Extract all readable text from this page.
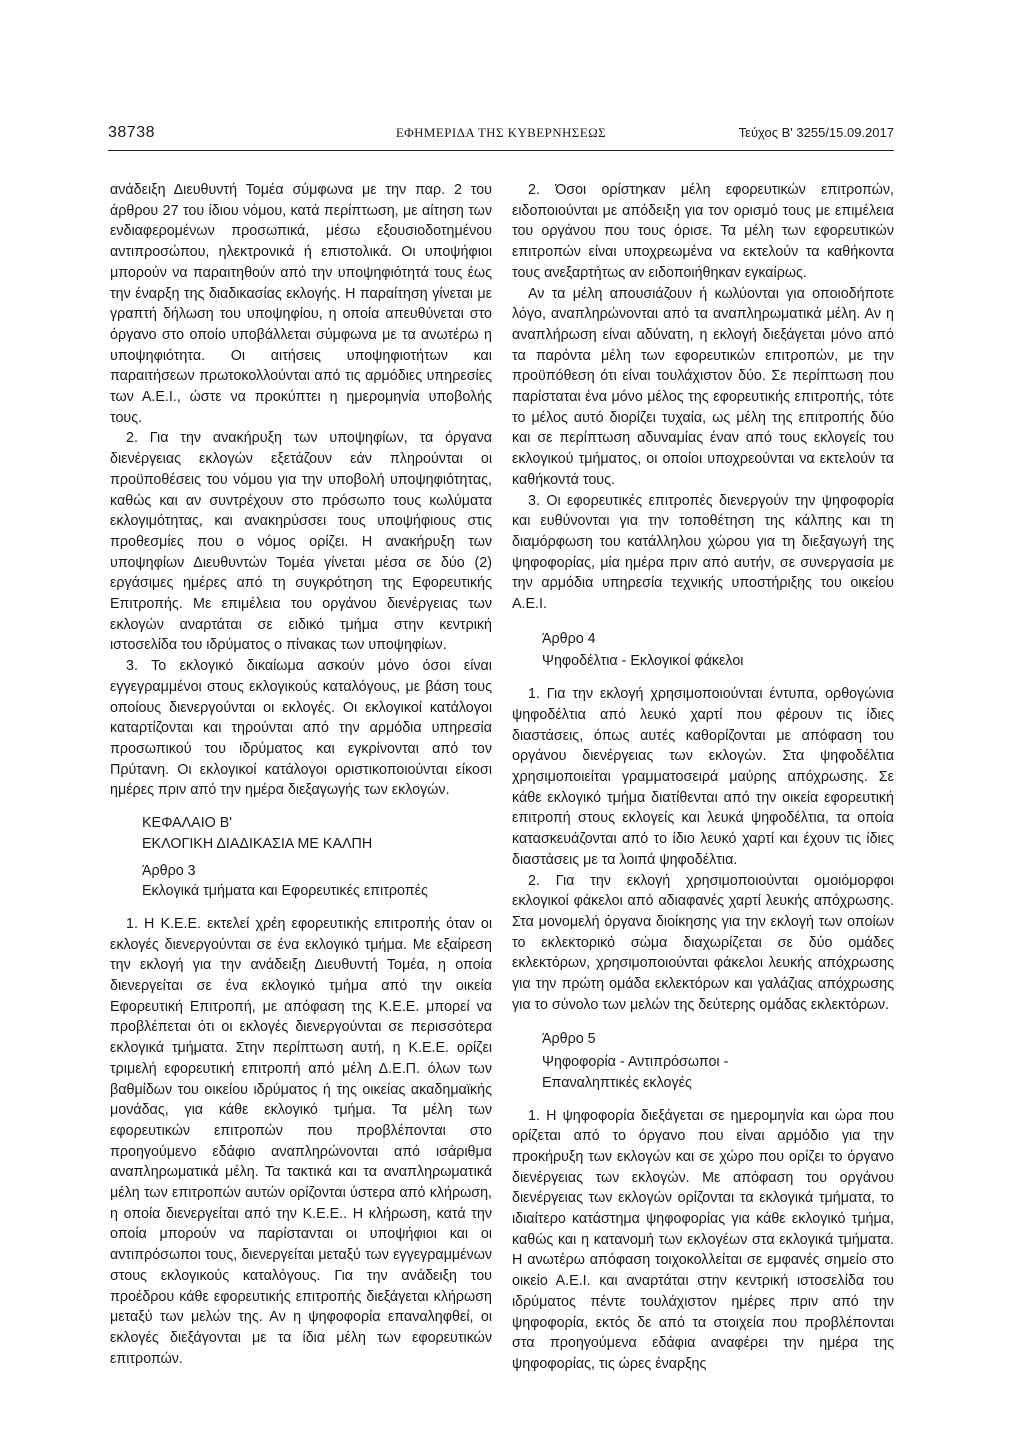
38738	ΕΦΗΜΕΡΙΔΑ ΤΗΣ ΚΥΒΕΡΝΗΣΕΩΣ	Τεύχος Β' 3255/15.09.2017

ανάδειξη Διευθυντή Τομέα σύμφωνα με την παρ. 2 του άρθρου 27 του ίδιου νόμου, κατά περίπτωση, με αίτηση των ενδιαφερομένων προσωπικά, μέσω εξουσιοδοτημένου αντιπροσώπου, ηλεκτρονικά ή επιστολικά. Οι υποψήφιοι μπορούν να παραιτηθούν από την υποψηφιότητά τους έως την έναρξη της διαδικασίας εκλογής. Η παραίτηση γίνεται με γραπτή δήλωση του υποψηφίου, η οποία απευθύνεται στο όργανο στο οποίο υποβάλλεται σύμφωνα με τα ανωτέρω η υποψηφιότητα. Οι αιτήσεις υποψηφιοτήτων και παραιτήσεων πρωτοκολλούνται από τις αρμόδιες υπηρεσίες των Α.Ε.Ι., ώστε να προκύπτει η ημερομηνία υποβολής τους.

2. Για την ανακήρυξη των υποψηφίων, τα όργανα διενέργειας εκλογών εξετάζουν εάν πληρούνται οι προϋποθέσεις του νόμου για την υποβολή υποψηφιότητας, καθώς και αν συντρέχουν στο πρόσωπο τους κωλύματα εκλογιμότητας, και ανακηρύσσει τους υποψήφιους στις προθεσμίες που ο νόμος ορίζει. Η ανακήρυξη των υποψηφίων Διευθυντών Τομέα γίνεται μέσα σε δύο (2) εργάσιμες ημέρες από τη συγκρότηση της Εφορευτικής Επιτροπής. Με επιμέλεια του οργάνου διενέργειας των εκλογών αναρτάται σε ειδικό τμήμα στην κεντρική ιστοσελίδα του ιδρύματος ο πίνακας των υποψηφίων.

3. Το εκλογικό δικαίωμα ασκούν μόνο όσοι είναι εγγεγραμμένοι στους εκλογικούς καταλόγους, με βάση τους οποίους διενεργούνται οι εκλογές. Οι εκλογικοί κατάλογοι καταρτίζονται και τηρούνται από την αρμόδια υπηρεσία προσωπικού του ιδρύματος και εγκρίνονται από τον Πρύτανη. Οι εκλογικοί κατάλογοι οριστικοποιούνται είκοσι ημέρες πριν από την ημέρα διεξαγωγής των εκλογών.

ΚΕΦΑΛΑΙΟ Β'
ΕΚΛΟΓΙΚΗ ΔΙΑΔΙΚΑΣΙΑ ΜΕ ΚΑΛΠΗ
Άρθρο 3
Εκλογικά τμήματα και Εφορευτικές επιτροπές

1. Η Κ.Ε.Ε. εκτελεί χρέη εφορευτικής επιτροπής όταν οι εκλογές διενεργούνται σε ένα εκλογικό τμήμα. Με εξαίρεση την εκλογή για την ανάδειξη Διευθυντή Τομέα, η οποία διενεργείται σε ένα εκλογικό τμήμα από την οικεία Εφορευτική Επιτροπή, με απόφαση της Κ.Ε.Ε. μπορεί να προβλέπεται ότι οι εκλογές διενεργούνται σε περισσότερα εκλογικά τμήματα. Στην περίπτωση αυτή, η Κ.Ε.Ε. ορίζει τριμελή εφορευτική επιτροπή από μέλη Δ.Ε.Π. όλων των βαθμίδων του οικείου ιδρύματος ή της οικείας ακαδημαϊκής μονάδας, για κάθε εκλογικό τμήμα. Τα μέλη των εφορευτικών επιτροπών που προβλέπονται στο προηγούμενο εδάφιο αναπληρώνονται από ισάριθμα αναπληρωματικά μέλη. Τα τακτικά και τα αναπληρωματικά μέλη των επιτροπών αυτών ορίζονται ύστερα από κλήρωση, η οποία διενεργείται από την Κ.Ε.Ε.. Η κλήρωση, κατά την οποία μπορούν να παρίστανται οι υποψήφιοι και οι αντιπρόσωποι τους, διενεργείται μεταξύ των εγγεγραμμένων στους εκλογικούς καταλόγους. Για την ανάδειξη του προέδρου κάθε εφορευτικής επιτροπής διεξάγεται κλήρωση μεταξύ των μελών της. Αν η ψηφοφορία επαναληφθεί, οι εκλογές διεξάγονται με τα ίδια μέλη των εφορευτικών επιτροπών.

2. Όσοι ορίστηκαν μέλη εφορευτικών επιτροπών, ειδοποιούνται με απόδειξη για τον ορισμό τους με επιμέλεια του οργάνου που τους όρισε. Τα μέλη των εφορευτικών επιτροπών είναι υποχρεωμένα να εκτελούν τα καθήκοντα τους ανεξαρτήτως αν ειδοποιήθηκαν εγκαίρως.

Αν τα μέλη απουσιάζουν ή κωλύονται για οποιοδήποτε λόγο, αναπληρώνονται από τα αναπληρωματικά μέλη. Αν η αναπλήρωση είναι αδύνατη, η εκλογή διεξάγεται μόνο από τα παρόντα μέλη των εφορευτικών επιτροπών, με την προϋπόθεση ότι είναι τουλάχιστον δύο. Σε περίπτωση που παρίσταται ένα μόνο μέλος της εφορευτικής επιτροπής, τότε το μέλος αυτό διορίζει τυχαία, ως μέλη της επιτροπής δύο και σε περίπτωση αδυναμίας έναν από τους εκλογείς του εκλογικού τμήματος, οι οποίοι υποχρεούνται να εκτελούν τα καθήκοντά τους.

3. Οι εφορευτικές επιτροπές διενεργούν την ψηφοφορία και ευθύνονται για την τοποθέτηση της κάλπης και τη διαμόρφωση του κατάλληλου χώρου για τη διεξαγωγή της ψηφοφορίας, μία ημέρα πριν από αυτήν, σε συνεργασία με την αρμόδια υπηρεσία τεχνικής υποστήριξης του οικείου Α.Ε.Ι.

Άρθρο 4
Ψηφοδέλτια - Εκλογικοί φάκελοι

1. Για την εκλογή χρησιμοποιούνται έντυπα, ορθογώνια ψηφοδέλτια από λευκό χαρτί που φέρουν τις ίδιες διαστάσεις, όπως αυτές καθορίζονται με απόφαση του οργάνου διενέργειας των εκλογών. Στα ψηφοδέλτια χρησιμοποιείται γραμματοσειρά μαύρης απόχρωσης. Σε κάθε εκλογικό τμήμα διατίθενται από την οικεία εφορευτική επιτροπή στους εκλογείς και λευκά ψηφοδέλτια, τα οποία κατασκευάζονται από το ίδιο λευκό χαρτί και έχουν τις ίδιες διαστάσεις με τα λοιπά ψηφοδέλτια.

2. Για την εκλογή χρησιμοποιούνται ομοιόμορφοι εκλογικοί φάκελοι από αδιαφανές χαρτί λευκής απόχρωσης. Στα μονομελή όργανα διοίκησης για την εκλογή των οποίων το εκλεκτορικό σώμα διαχωρίζεται σε δύο ομάδες εκλεκτόρων, χρησιμοποιούνται φάκελοι λευκής απόχρωσης για την πρώτη ομάδα εκλεκτόρων και γαλάζιας απόχρωσης για το σύνολο των μελών της δεύτερης ομάδας εκλεκτόρων.

Άρθρο 5
Ψηφοφορία - Αντιπρόσωποι -
Επαναληπτικές εκλογές

1. Η ψηφοφορία διεξάγεται σε ημερομηνία και ώρα που ορίζεται από το όργανο που είναι αρμόδιο για την προκήρυξη των εκλογών και σε χώρο που ορίζει το όργανο διενέργειας των εκλογών. Με απόφαση του οργάνου διενέργειας των εκλογών ορίζονται τα εκλογικά τμήματα, το ιδιαίτερο κατάστημα ψηφοφορίας για κάθε εκλογικό τμήμα, καθώς και η κατανομή των εκλογέων στα εκλογικά τμήματα. Η ανωτέρω απόφαση τοιχοκολλείται σε εμφανές σημείο στο οικείο Α.Ε.Ι. και αναρτάται στην κεντρική ιστοσελίδα του ιδρύματος πέντε τουλάχιστον ημέρες πριν από την ψηφοφορία, εκτός δε από τα στοιχεία που προβλέπονται στα προηγούμενα εδάφια αναφέρει την ημέρα της ψηφοφορίας, τις ώρες έναρξης
